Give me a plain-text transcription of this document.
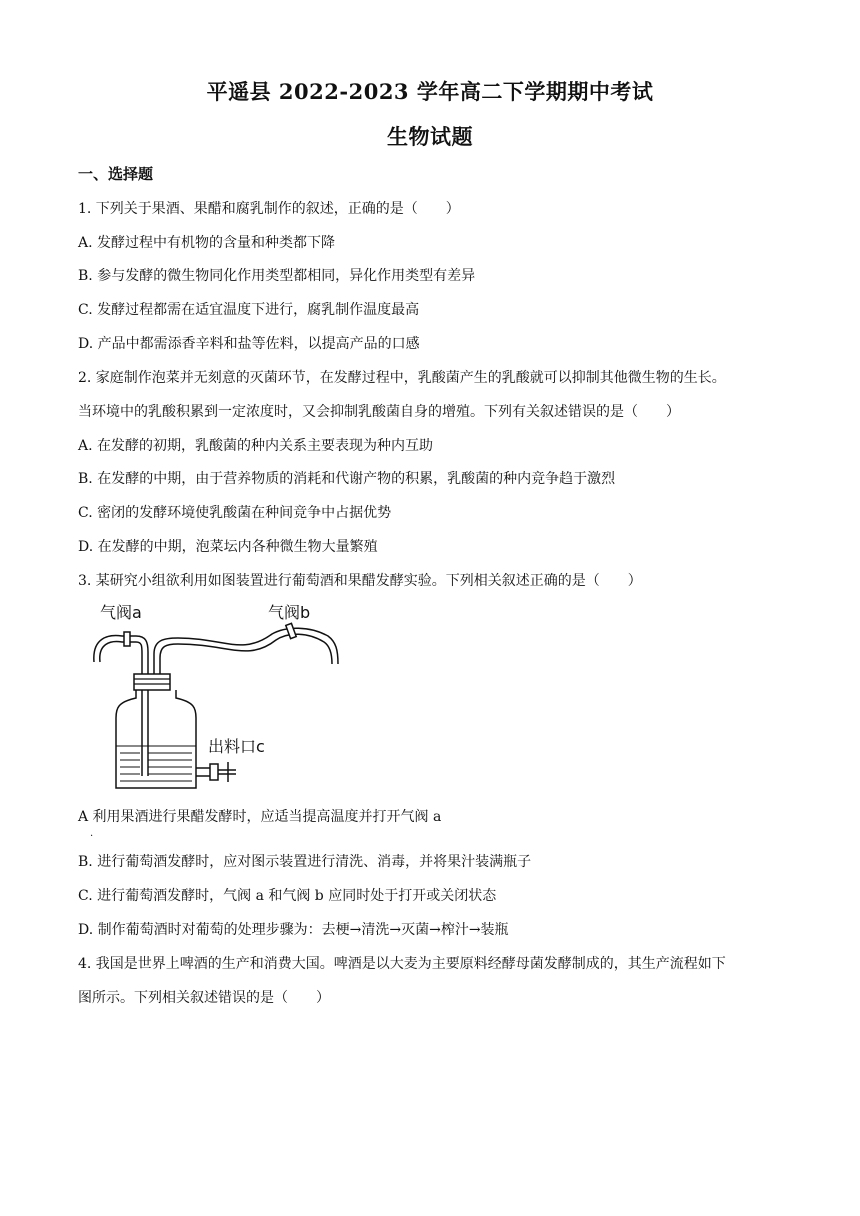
平遥县 2022-2023 学年高二下学期期中考试
生物试题
一、选择题
1. 下列关于果酒、果醋和腐乳制作的叙述，正确的是（　　）
A. 发酵过程中有机物的含量和种类都下降
B. 参与发酵的微生物同化作用类型都相同，异化作用类型有差异
C. 发酵过程都需在适宜温度下进行，腐乳制作温度最高
D. 产品中都需添香辛料和盐等佐料，以提高产品的口感
2. 家庭制作泡菜并无刻意的灭菌环节，在发酵过程中，乳酸菌产生的乳酸就可以抑制其他微生物的生长。
当环境中的乳酸积累到一定浓度时，又会抑制乳酸菌自身的增殖。下列有关叙述错误的是（　　）
A. 在发酵的初期，乳酸菌的种内关系主要表现为种内互助
B. 在发酵的中期，由于营养物质的消耗和代谢产物的积累，乳酸菌的种内竞争趋于激烈
C. 密闭的发酵环境使乳酸菌在种间竞争中占据优势
D. 在发酵的中期，泡菜坛内各种微生物大量繁殖
3. 某研究小组欲利用如图装置进行葡萄酒和果醋发酵实验。下列相关叙述正确的是（　　）
气阀a	气阀b
出料口c
A 利用果酒进行果醋发酵时，应适当提高温度并打开气阀 a
.
B. 进行葡萄酒发酵时，应对图示装置进行清洗、消毒，并将果汁装满瓶子
C. 进行葡萄酒发酵时，气阀 a 和气阀 b 应同时处于打开或关闭状态
D. 制作葡萄酒时对葡萄的处理步骤为：去梗→清洗→灭菌→榨汁→装瓶
4. 我国是世界上啤酒的生产和消费大国。啤酒是以大麦为主要原料经酵母菌发酵制成的，其生产流程如下
图所示。下列相关叙述错误的是（　　）
